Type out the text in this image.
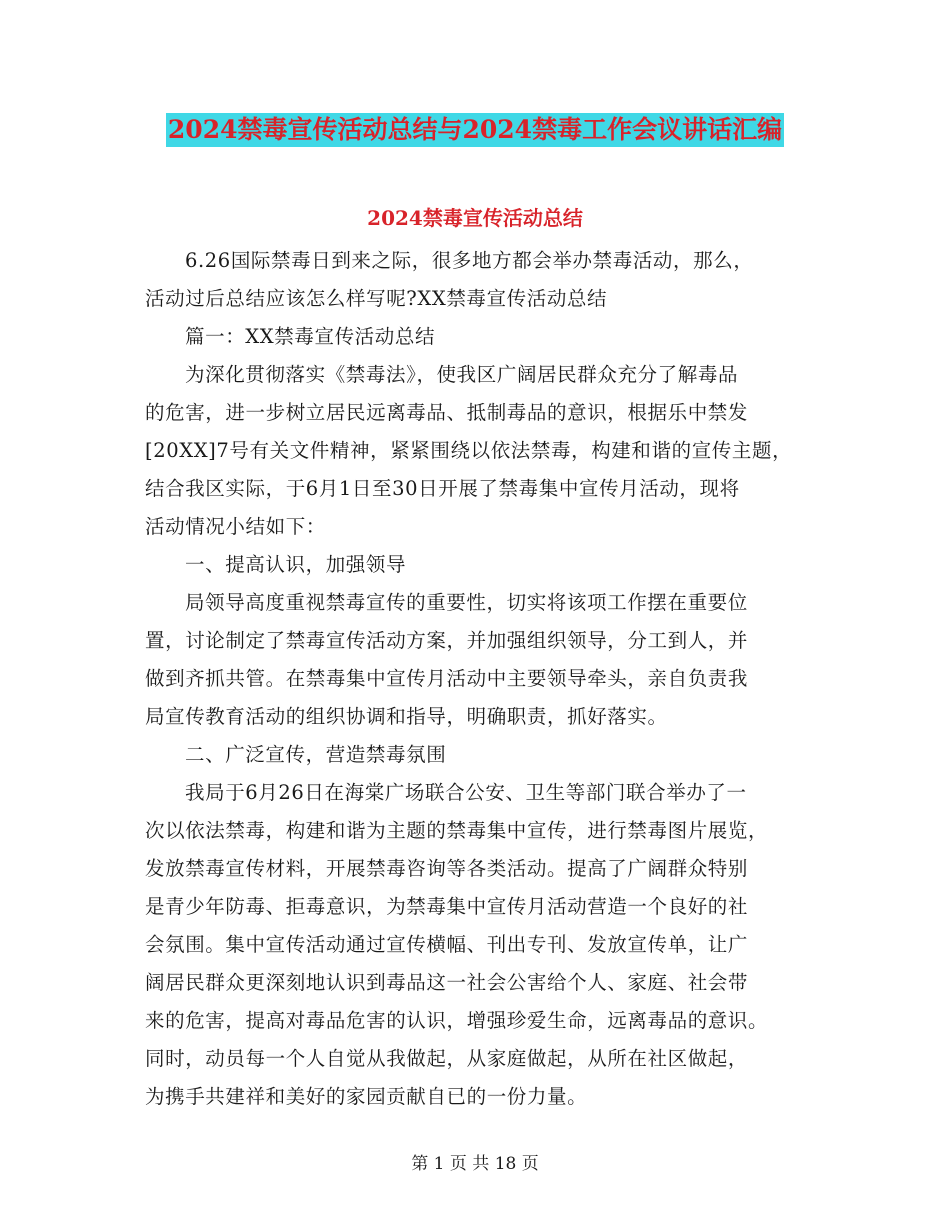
2024禁毒宣传活动总结与2024禁毒工作会议讲话汇编
2024禁毒宣传活动总结
6.26国际禁毒日到来之际，很多地方都会举办禁毒活动，那么，
活动过后总结应该怎么样写呢?XX禁毒宣传活动总结
篇一：XX禁毒宣传活动总结
为深化贯彻落实《禁毒法》，使我区广阔居民群众充分了解毒品
的危害，进一步树立居民远离毒品、抵制毒品的意识，根据乐中禁发
[20XX]7号有关文件精神，紧紧围绕以依法禁毒，构建和谐的宣传主题，
结合我区实际，于6月1日至30日开展了禁毒集中宣传月活动，现将
活动情况小结如下：
一、提高认识，加强领导
局领导高度重视禁毒宣传的重要性，切实将该项工作摆在重要位
置，讨论制定了禁毒宣传活动方案，并加强组织领导，分工到人，并
做到齐抓共管。在禁毒集中宣传月活动中主要领导牵头，亲自负责我
局宣传教育活动的组织协调和指导，明确职责，抓好落实。
二、广泛宣传，营造禁毒氛围
我局于6月26日在海棠广场联合公安、卫生等部门联合举办了一
次以依法禁毒，构建和谐为主题的禁毒集中宣传，进行禁毒图片展览，
发放禁毒宣传材料，开展禁毒咨询等各类活动。提高了广阔群众特别
是青少年防毒、拒毒意识，为禁毒集中宣传月活动营造一个良好的社
会氛围。集中宣传活动通过宣传横幅、刊出专刊、发放宣传单，让广
阔居民群众更深刻地认识到毒品这一社会公害给个人、家庭、社会带
来的危害，提高对毒品危害的认识，增强珍爱生命，远离毒品的意识。
同时，动员每一个人自觉从我做起，从家庭做起，从所在社区做起，
为携手共建祥和美好的家园贡献自已的一份力量。
第 1 页 共 18 页
